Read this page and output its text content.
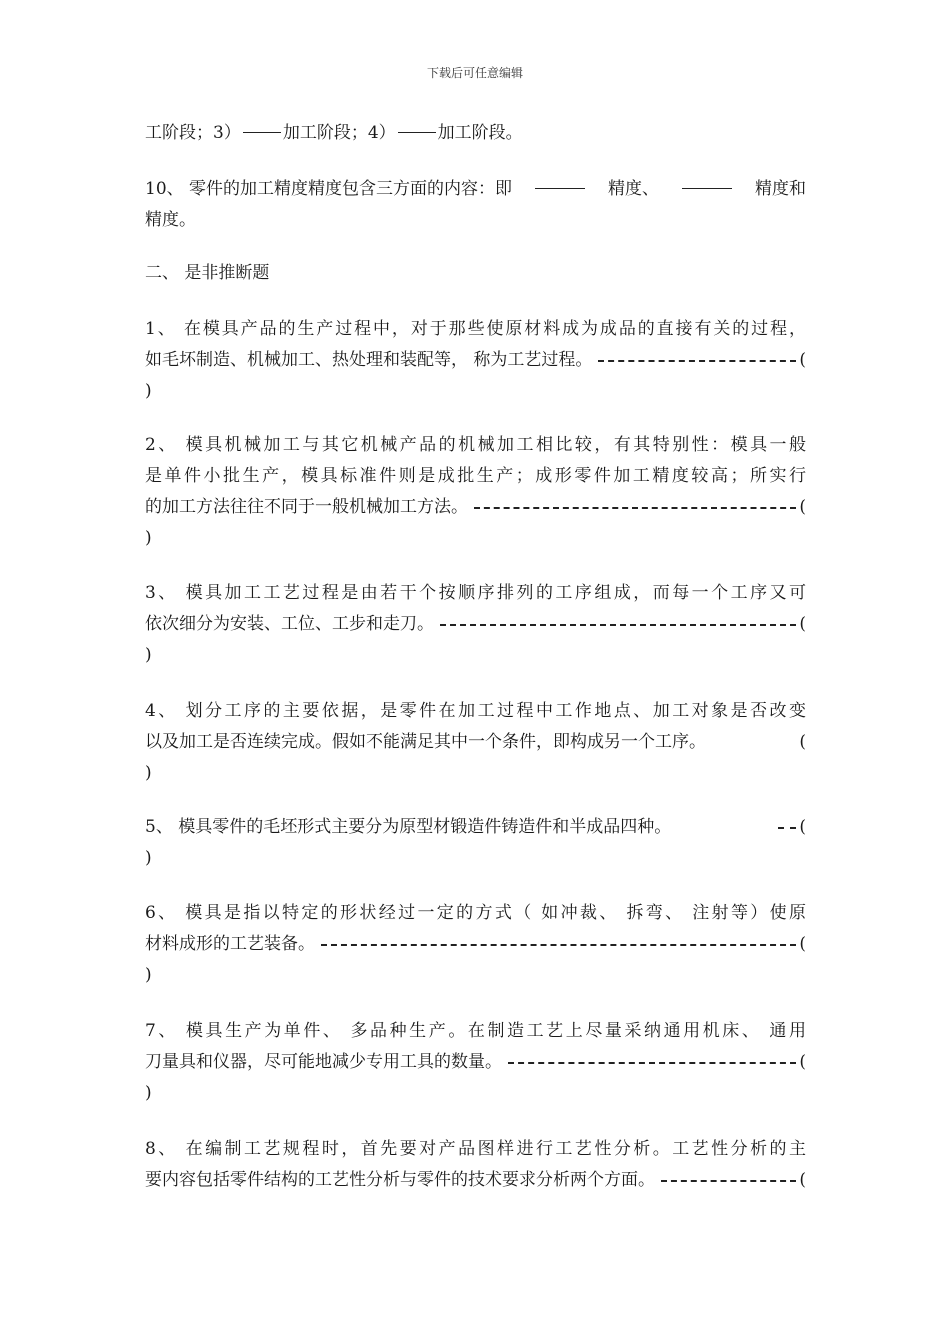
下载后可任意编辑
工阶段；3） 加工阶段；4） 加工阶段。
10、 零件的加工精度精度包含三方面的内容：即	精度、	精度和
精度。
二、 是非推断题
1、 在模具产品的生产过程中，对于那些使原材料成为成品的直接有关的过程，
如毛坏制造、机械加工、热处理和装配等， 称为工艺过程。	(
)
2、 模具机械加工与其它机械产品的机械加工相比较，有其特别性：模具一般
是单件小批生产，模具标准件则是成批生产；成形零件加工精度较高；所实行
的加工方法往往不同于一般机械加工方法。	(
)
3、 模具加工工艺过程是由若干个按顺序排列的工序组成，而每一个工序又可
依次细分为安装、工位、工步和走刀。	(
)
4、 划分工序的主要依据，是零件在加工过程中工作地点、加工对象是否改变
以及加工是否连续完成。假如不能满足其中一个条件，即构成另一个工序。	(
)
5、 模具零件的毛坯形式主要分为原型材锻造件铸造件和半成品四种。	(
)
6、 模具是指以特定的形状经过一定的方式（ 如冲裁、 拆弯、 注射等）使原
材料成形的工艺装备。	(
)
7、 模具生产为单件、 多品种生产。在制造工艺上尽量采纳通用机床、 通用
刀量具和仪器，尽可能地减少专用工具的数量。	(
)
8、 在编制工艺规程时，首先要对产品图样进行工艺性分析。工艺性分析的主
要内容包括零件结构的工艺性分析与零件的技术要求分析两个方面。	(
